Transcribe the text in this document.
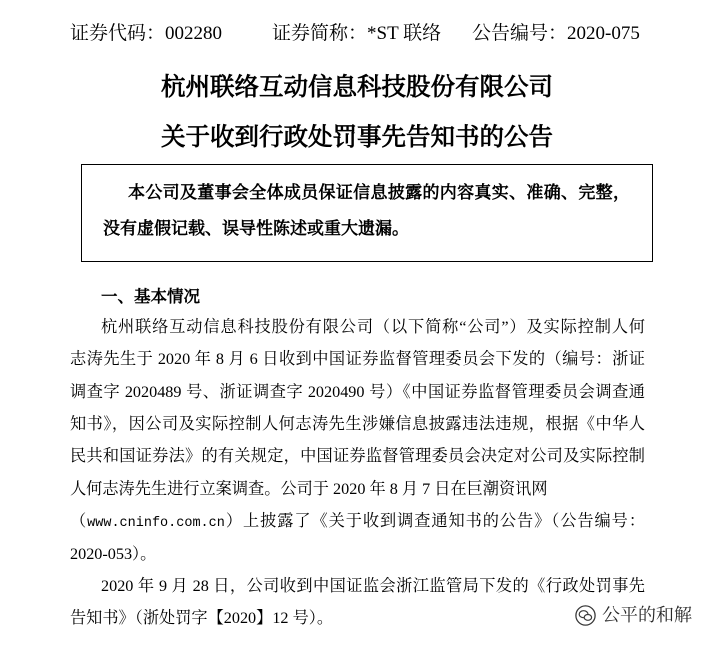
证券代码：002280	证券简称：*ST 联络 公告编号：2020-075
杭州联络互动信息科技股份有限公司
关于收到行政处罚事先告知书的公告
本公司及董事会全体成员保证信息披露的内容真实、准确、完整，
没有虚假记载、误导性陈述或重大遗漏。
一、基本情况
杭州联络互动信息科技股份有限公司（以下简称“公司”）及实际控制人何
志涛先生于 2020 年 8 月 6 日收到中国证券监督管理委员会下发的（编号：浙证
调查字 2020489 号、浙证调查字 2020490 号）《中国证券监督管理委员会调查通
知书》，因公司及实际控制人何志涛先生涉嫌信息披露违法违规，根据《中华人
民共和国证券法》的有关规定，中国证券监督管理委员会决定对公司及实际控制
人何志涛先生进行立案调查。公司于 2020 年 8 月 7 日在巨潮资讯网
（www.cninfo.com.cn）上披露了《关于收到调查通知书的公告》（公告编号：
2020-053）。
2020 年 9 月 28 日，公司收到中国证监会浙江监管局下发的《行政处罚事先
告知书》（浙处罚字【2020】12 号）。	公平的和解
